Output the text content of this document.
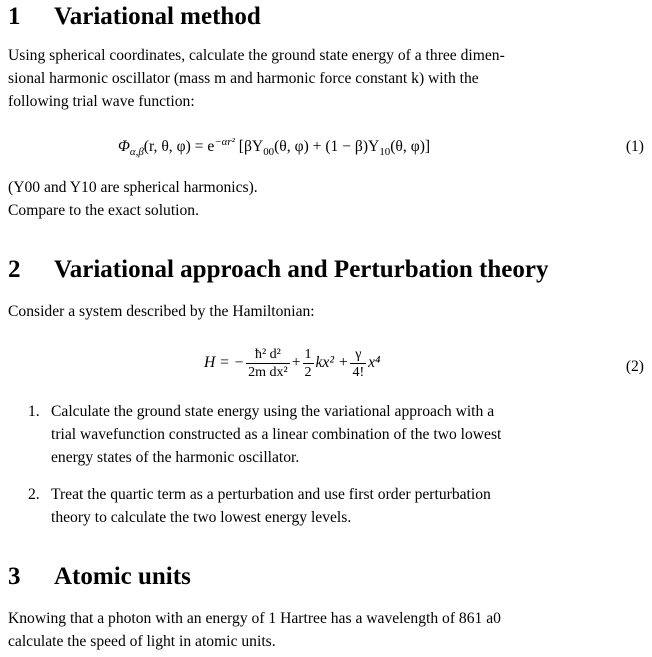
1 Variational method

Using spherical coordinates, calculate the ground state energy of a three dimen-

sional harmonic oscillator (mass m and harmonic force constant k) with the

following trial wave function:

$\Phi_{\alpha,\beta}(r$, θ, $\varphi) = e^{-\alpha r^2}$ [$\beta Y_{00}(\theta$, $\varphi) + (1 - \beta)Y_{10}(\theta$, φ)]	(1)

(Y00 and Y10 are spherical harmonics).

Compare to the exact solution.

2 Variational approach and Perturbation theory

Consider a system described by the Hamiltonian:

H = − $\frac{\text{ħ² d²}}{\text{2m dx²}} + \frac{1}{2} kx^2 + \frac{\gamma}{4!} x^4$	(2)
1. Calculate the ground state energy using the variational approach with a
trial wavefunction constructed as a linear combination of the two lowest
energy states of the harmonic oscillator.
2. Treat the quartic term as a perturbation and use first order perturbation
theory to calculate the two lowest energy levels.
3 Atomic units

Knowing that a photon with an energy of 1 Hartree has a wavelength of 861 a0

calculate the speed of light in atomic units.
